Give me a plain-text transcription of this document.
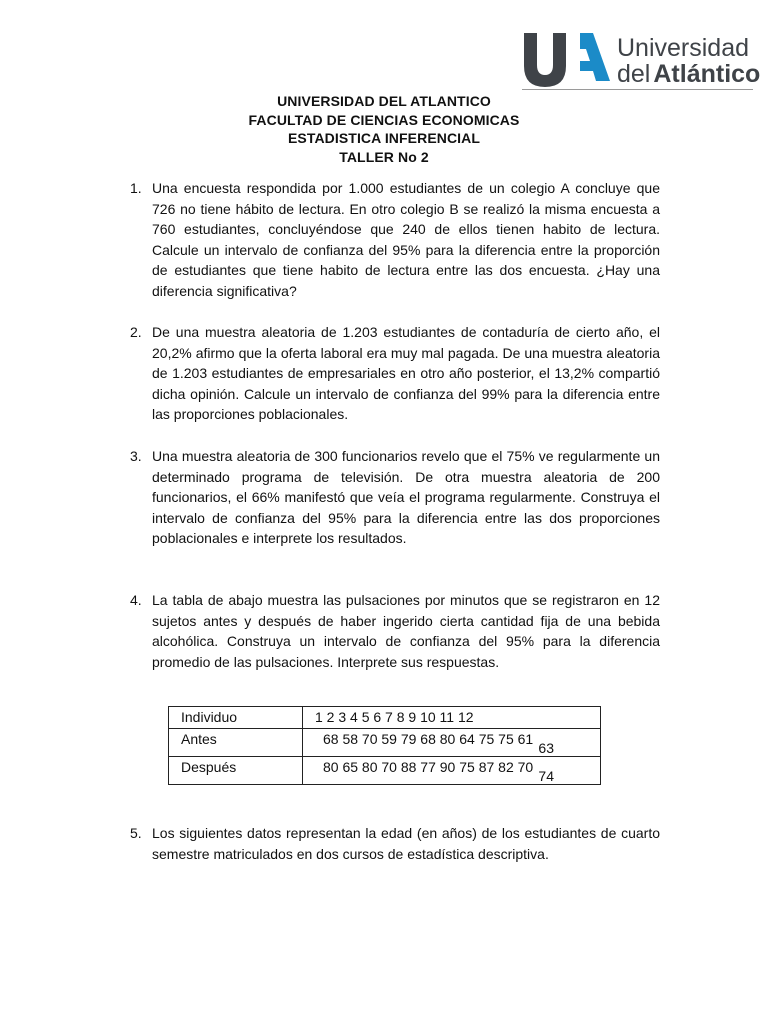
Universidad
del Atlántico
UNIVERSIDAD DEL ATLANTICO
FACULTAD DE CIENCIAS ECONOMICAS
ESTADISTICA INFERENCIAL
TALLER No 2
1. Una encuesta respondida por 1.000 estudiantes de un colegio A concluye que 726 no tiene hábito de lectura. En otro colegio B se realizó la misma encuesta a 760 estudiantes, concluyéndose que 240 de ellos tienen habito de lectura. Calcule un intervalo de confianza del 95% para la diferencia entre la proporción de estudiantes que tiene habito de lectura entre las dos encuesta. ¿Hay una diferencia significativa?
2. De una muestra aleatoria de 1.203 estudiantes de contaduría de cierto año, el 20,2% afirmo que la oferta laboral era muy mal pagada. De una muestra aleatoria de 1.203 estudiantes de empresariales en otro año posterior, el 13,2% compartió dicha opinión. Calcule un intervalo de confianza del 99% para la diferencia entre las proporciones poblacionales.
3. Una muestra aleatoria de 300 funcionarios revelo que el 75% ve regularmente un determinado programa de televisión. De otra muestra aleatoria de 200 funcionarios, el 66% manifestó que veía el programa regularmente. Construya el intervalo de confianza del 95% para la diferencia entre las dos proporciones poblacionales e interprete los resultados.
4. La tabla de abajo muestra las pulsaciones por minutos que se registraron en 12 sujetos antes y después de haber ingerido cierta cantidad fija de una bebida alcohólica. Construya un intervalo de confianza del 95% para la diferencia promedio de las pulsaciones. Interprete sus respuestas.
Individuo	1 2 3 4 5 6 7 8 9 10 11 12

Antes	68 58 70 59 79 68 80 64 75 75 61
63

Después	80 65 80 70 88 77 90 75 87 82 70
74
5. Los siguientes datos representan la edad (en años) de los estudiantes de cuarto semestre matriculados en dos cursos de estadística descriptiva.
